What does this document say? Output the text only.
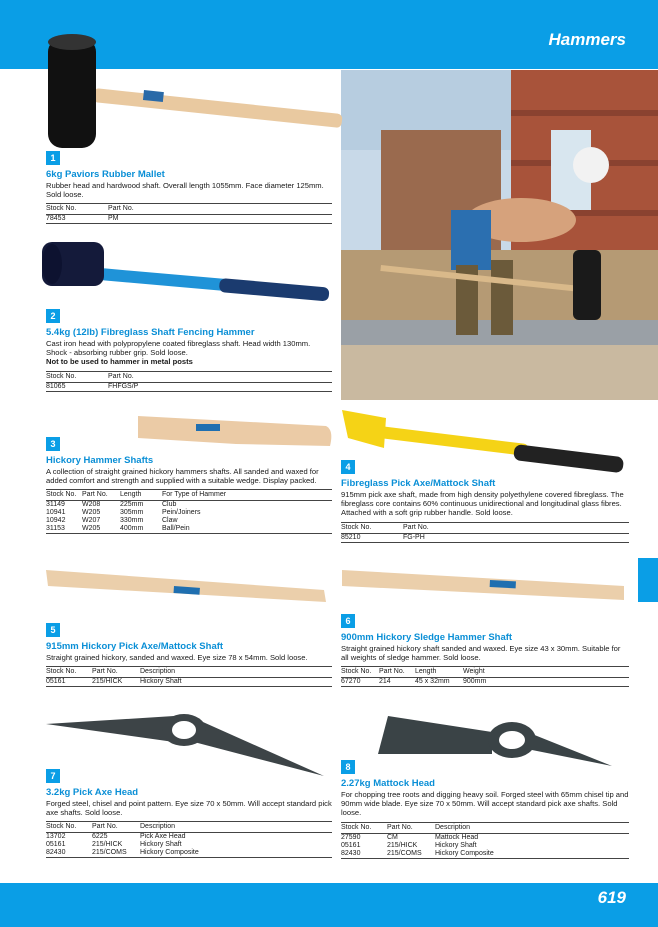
Hammers
619
1
6kg Paviors Rubber Mallet
Rubber head and hardwood shaft. Overall length 1055mm. Face diameter 125mm. Sold loose.
Stock No.	Part No.
78453	PM
2
5.4kg (12lb) Fibreglass Shaft Fencing Hammer
Cast iron head with polypropylene coated fibreglass shaft. Head width 130mm. Shock - absorbing rubber grip. Sold loose.
Not to be used to hammer in metal posts
Stock No.	Part No.
81065	FHFGS/P
3
Hickory Hammer Shafts
A collection of straight grained hickory hammers shafts. All sanded and waxed for added comfort and strength and supplied with a suitable wedge. Display packed.
Stock No.	Part No.	Length	For Type of Hammer
31149	W208	225mm	Club
10941	W205	305mm	Pein/Joiners
10942	W207	330mm	Claw
31153	W205	400mm	Ball/Pein
4
Fibreglass Pick Axe/Mattock Shaft
915mm pick axe shaft, made from high density polyethylene covered fibreglass. The fibreglass core contains 60% continuous unidirectional and longitudinal glass fibres. Attached with a soft grip rubber handle. Sold loose.
Stock No.	Part No.
85210	FG-PH
5
915mm Hickory Pick Axe/Mattock Shaft
Straight grained hickory, sanded and waxed. Eye size 78 x 54mm. Sold loose.
Stock No.	Part No.	Description
05161	215/HICK	Hickory Shaft
6
900mm Hickory Sledge Hammer Shaft
Straight grained hickory shaft sanded and waxed. Eye size 43 x 30mm. Suitable for all weights of sledge hammer. Sold loose.
Stock No.	Part No.	Length	Weight
67270	214	45 x 32mm	900mm
7
3.2kg Pick Axe Head
Forged steel, chisel and point pattern. Eye size 70 x 50mm. Will accept standard pick axe shafts. Sold loose.
Stock No.	Part No.	Description
13702	6225	Pick Axe Head
05161	215/HICK	Hickory Shaft
82430	215/COMS	Hickory Composite
8
2.27kg Mattock Head
For chopping tree roots and digging heavy soil. Forged steel with 65mm chisel tip and 90mm wide blade. Eye size 70 x 50mm. Will accept standard pick axe shafts. Sold loose.
Stock No.	Part No.	Description
27590	CM	Mattock Head
05161	215/HICK	Hickory Shaft
82430	215/COMS	Hickory Composite
